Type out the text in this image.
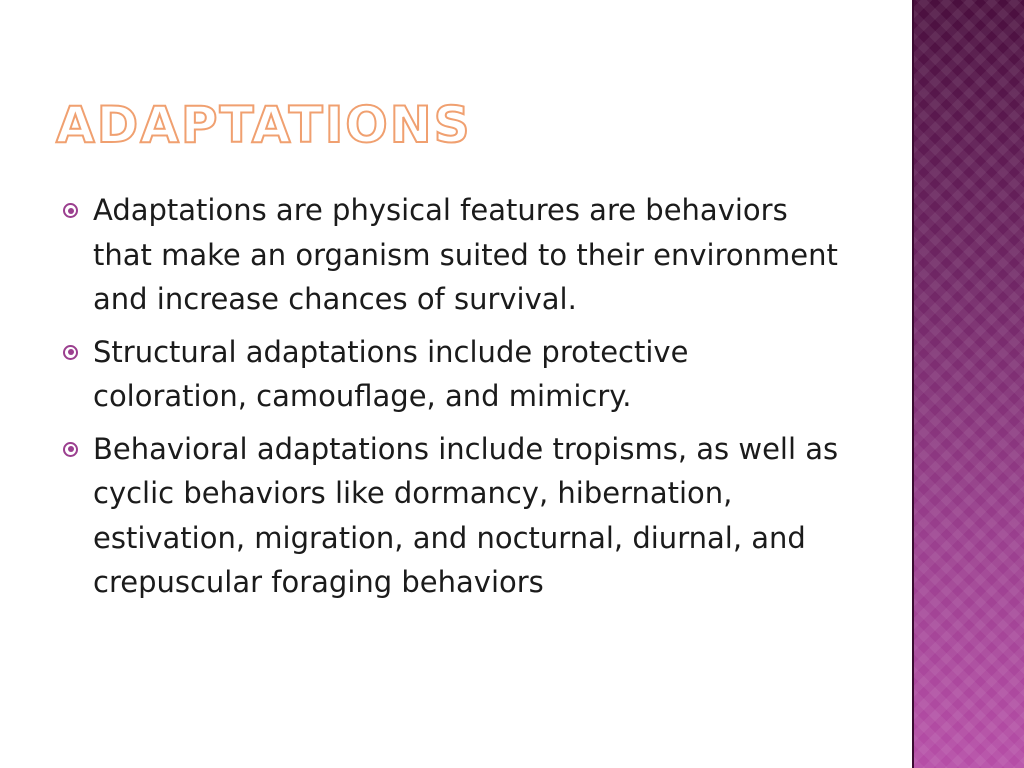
ADAPTATIONS
Adaptations are physical features are behaviors that make an organism suited to their environment and increase chances of survival.
Structural adaptations include protective coloration, camouflage, and mimicry.
Behavioral adaptations include tropisms, as well as cyclic behaviors like dormancy, hibernation, estivation, migration, and nocturnal, diurnal, and crepuscular foraging behaviors
